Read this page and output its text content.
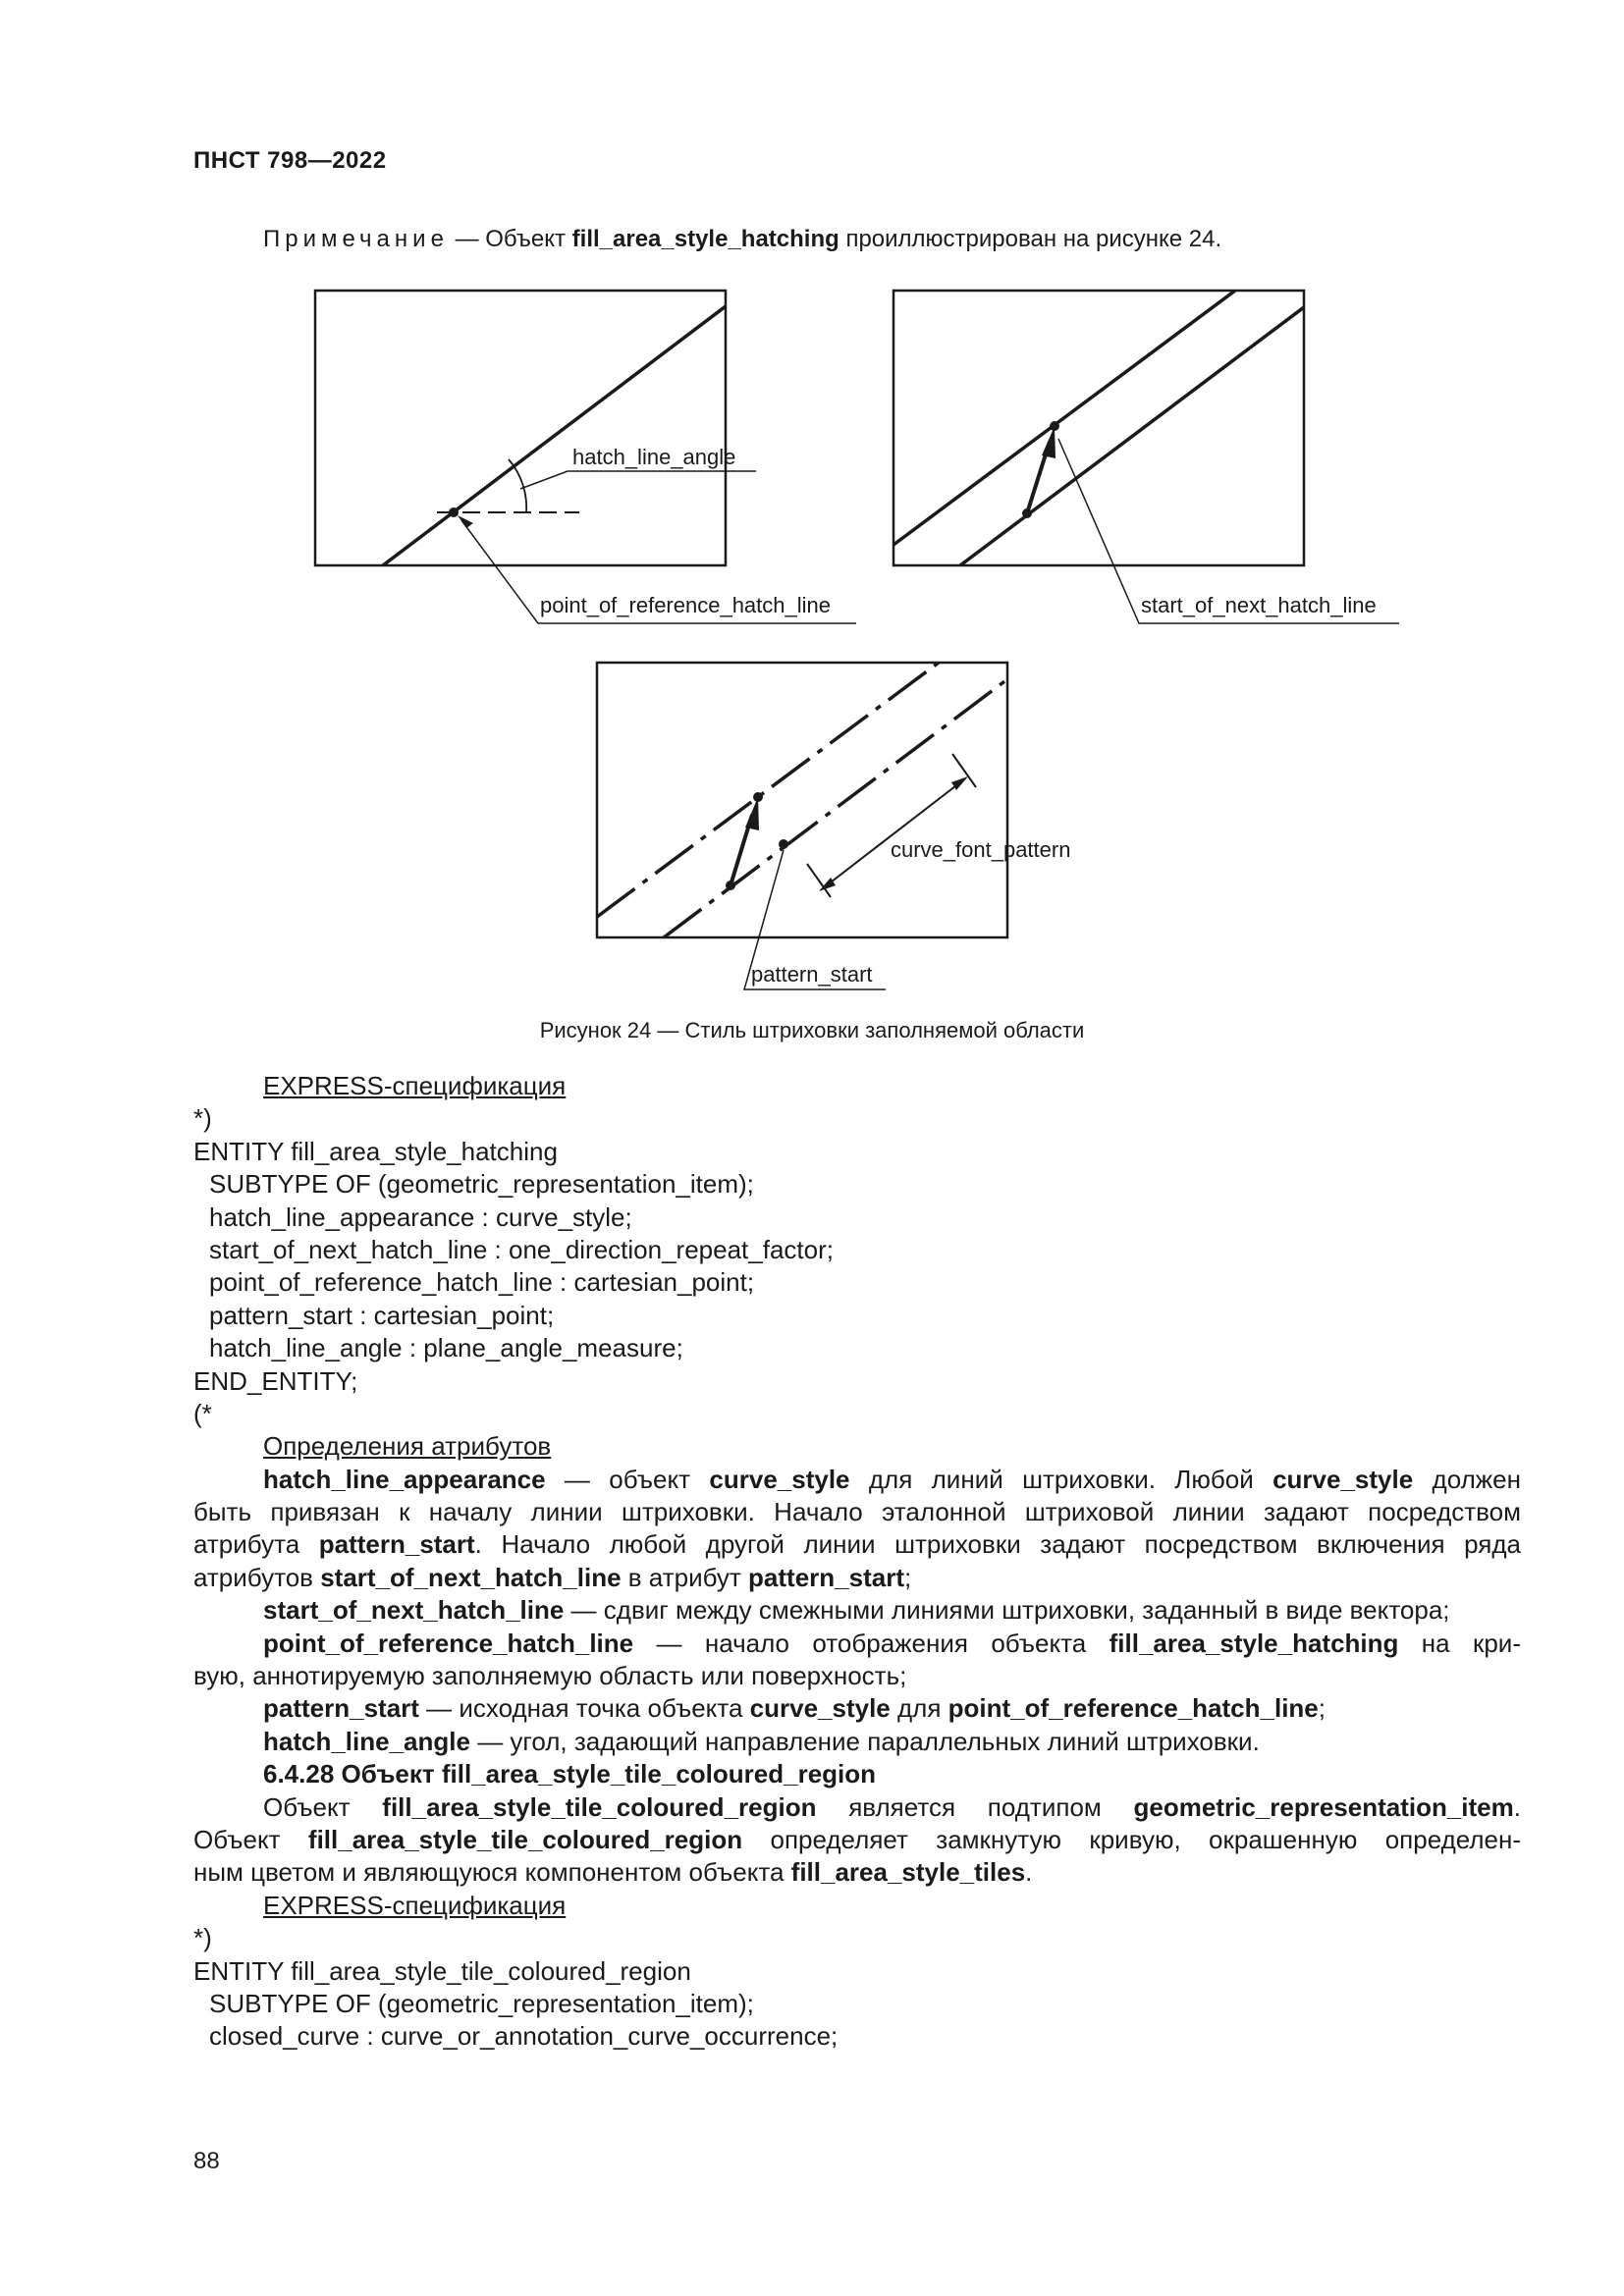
ПНСТ 798—2022
Примечание — Объект fill_area_style_hatching проиллюстрирован на рисунке 24.
hatch_line_angle
point_of_reference_hatch_line	start_of_next_hatch_line
curve_font_pattern
pattern_start
Рисунок 24 — Стиль штриховки заполняемой области
EXPRESS-спецификация
*)
ENTITY fill_area_style_hatching
SUBTYPE OF (geometric_representation_item);
hatch_line_appearance : curve_style;
start_of_next_hatch_line : one_direction_repeat_factor;
point_of_reference_hatch_line : cartesian_point;
pattern_start : cartesian_point;
hatch_line_angle : plane_angle_measure;
END_ENTITY;
(*
Определения атрибутов
hatch_line_appearance — объект curve_style для линий штриховки. Любой curve_style должен
быть привязан к началу линии штриховки. Начало эталонной штриховой линии задают посредством
атрибута pattern_start. Начало любой другой линии штриховки задают посредством включения ряда
атрибутов start_of_next_hatch_line в атрибут pattern_start;
start_of_next_hatch_line — сдвиг между смежными линиями штриховки, заданный в виде вектора;
point_of_reference_hatch_line — начало отображения объекта fill_area_style_hatching на кри-
вую, аннотируемую заполняемую область или поверхность;
pattern_start — исходная точка объекта curve_style для point_of_reference_hatch_line;
hatch_line_angle — угол, задающий направление параллельных линий штриховки.
6.4.28 Объект fill_area_style_tile_coloured_region
Объект fill_area_style_tile_coloured_region является подтипом geometric_representation_item.
Объект fill_area_style_tile_coloured_region определяет замкнутую кривую, окрашенную определен-
ным цветом и являющуюся компонентом объекта fill_area_style_tiles.
EXPRESS-спецификация
*)
ENTITY fill_area_style_tile_coloured_region
SUBTYPE OF (geometric_representation_item);
closed_curve : curve_or_annotation_curve_occurrence;
88
